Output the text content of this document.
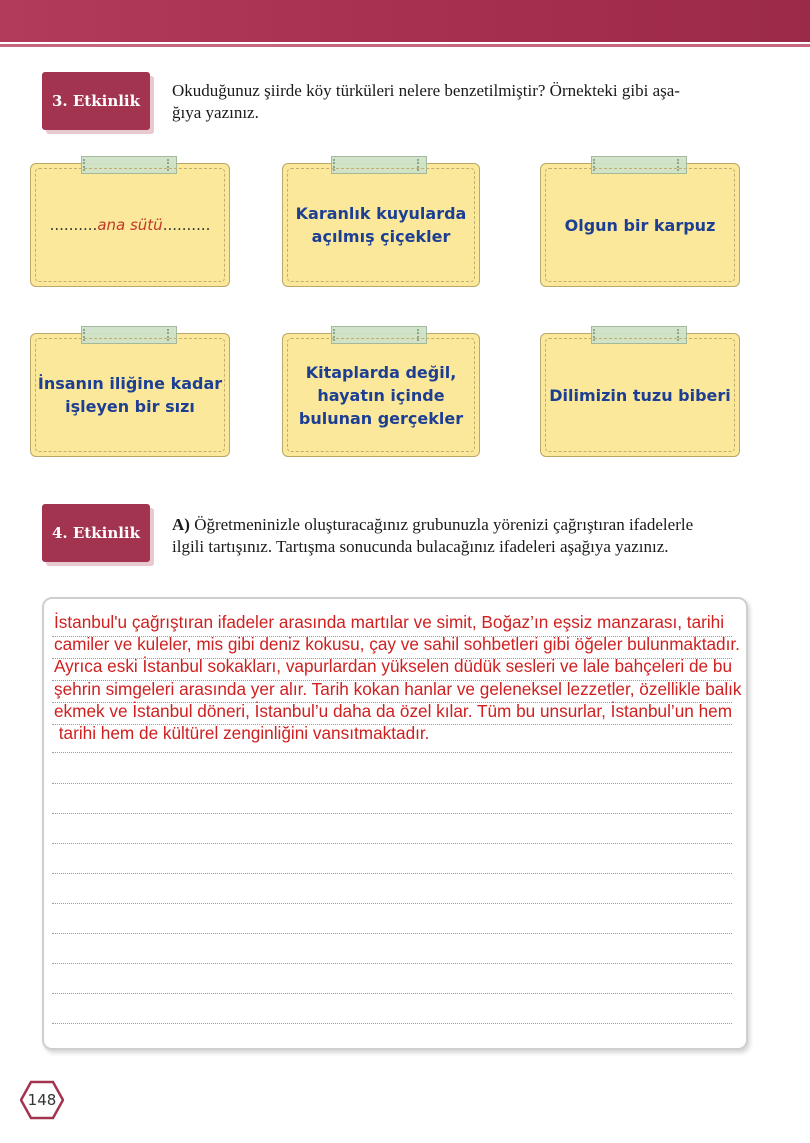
3. Etkinlik
Okuduğunuz şiirde köy türküleri nelere benzetilmiştir? Örnekteki gibi aşa-
ğıya yazınız.
..........ana sütü..........
Karanlık kuyularda
açılmış çiçekler
Olgun bir karpuz
İnsanın iliğine kadar
işleyen bir sızı
Kitaplarda değil,
hayatın içinde
bulunan gerçekler
Dilimizin tuzu biberi
4. Etkinlik A) Öğretmeninizle oluşturacağınız grubunuzla yörenizi çağrıştıran ifadelerle
ilgili tartışınız. Tartışma sonucunda bulacağınız ifadeleri aşağıya yazınız.
İstanbul'u çağrıştıran ifadeler arasında martılar ve simit, Boğaz’ın eşsiz manzarası, tarihi
camiler ve kuleler, mis gibi deniz kokusu, çay ve sahil sohbetleri gibi öğeler bulunmaktadır.
Ayrıca eski İstanbul sokakları, vapurlardan yükselen düdük sesleri ve lale bahçeleri de bu
şehrin simgeleri arasında yer alır. Tarih kokan hanlar ve geleneksel lezzetler, özellikle balık
ekmek ve İstanbul döneri, İstanbul’u daha da özel kılar. Tüm bu unsurlar, İstanbul’un hem
tarihi hem de kültürel zenginliğini vansıtmaktadır.
148
